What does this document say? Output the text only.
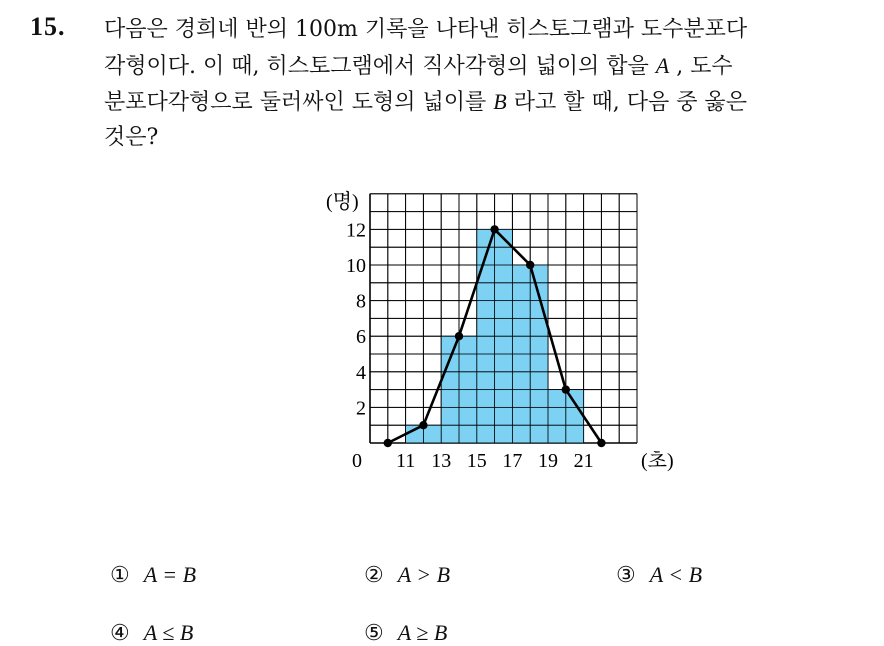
15. 다음은 경희네 반의 100m 기록을 나타낸 히스토그램과 도수분포다
각형이다. 이 때, 히스토그램에서 직사각형의 넓이의 합을 A , 도수
분포다각형으로 둘러싸인 도형의 넓이를 B 라고 할 때, 다음 중 옳은
것은?
(명)
(초)
0 11 13 15 17 19 21
2
4
6
8
10
12
① A = B	② A > B	③ A < B
④ A ≤ B	⑤ A ≥ B
